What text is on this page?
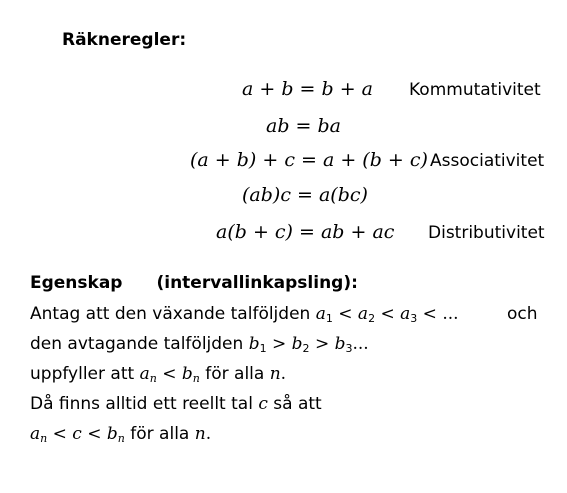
Räkneregler:
a + b = b + a Kommutativitet
ab = ba
(a + b) + c = a + (b + c) Associativitet
(ab)c = a(bc)
a(b + c) = ab + ac Distributivitet
Egenskap (intervallinkapsling):
Antag att den växande talföljden $a_1 < a_2 < a_3$ < ...	och
den avtagande talföljden $b_1 > b_2 > b_3$...
uppfyller att $a_n < b_n$ för alla n.
Då finns alltid ett reellt tal c så att
$a_n < c < b_n$ för alla n.
